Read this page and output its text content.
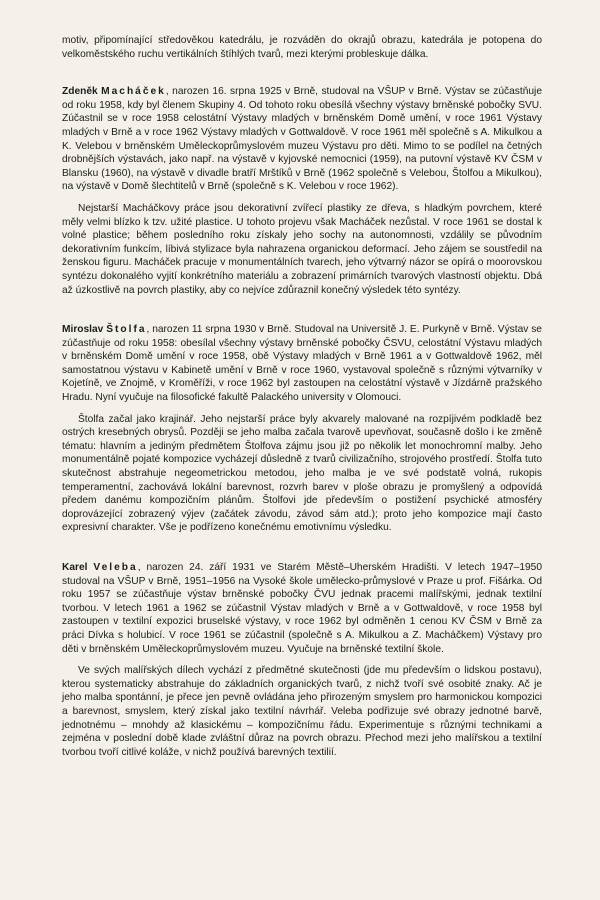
motiv, připomínající středověkou katedrálu, je rozváděn do okrajů obrazu, katedrála je potopena do velkoměstského ruchu vertikálních štíhlých tvarů, mezi kterými probleskuje dálka.

Zdeněk Macháček, narozen 16. srpna 1925 v Brně, studoval na VŠUP v Brně. Výstav se zúčastňuje od roku 1958, kdy byl členem Skupiny 4. Od tohoto roku obesílá všechny výstavy brněnské pobočky SVU. Zúčastnil se v roce 1958 celostátní Výstavy mladých v brněnském Domě umění, v roce 1961 Výstavy mladých v Brně a v roce 1962 Výstavy mladých v Gottwaldově. V roce 1961 měl společně s A. Mikulkou a K. Velebou v brněnském Uměleckoprůmyslovém muzeu Výstavu pro děti. Mimo to se podílel na četných drobnějších výstavách, jako např. na výstavě v kyjovské nemocnici (1959), na putovní výstavě KV ČSM v Blansku (1960), na výstavě v divadle bratří Mrštíků v Brně (1962 společně s Velebou, Štolfou a Mikulkou), na výstavě v Domě šlechtitelů v Brně (společně s K. Velebou v roce 1962).

Nejstarší Macháčkovy práce jsou dekorativní zvířecí plastiky ze dřeva, s hladkým povrchem, které měly velmi blízko k tzv. užité plastice. U tohoto projevu však Macháček nezůstal. V roce 1961 se dostal k volné plastice; během posledního roku získaly jeho sochy na autonomnosti, vzdálily se původním dekorativním funkcím, líbivá stylizace byla nahrazena organickou deformací. Jeho zájem se soustředil na ženskou figuru. Macháček pracuje v monumentálních tvarech, jeho výtvarný názor se opírá o moorovskou syntézu dokonalého vyjití konkrétního materiálu a zobrazení primárních tvarových vlastností objektu. Dbá až úzkostlivě na povrch plastiky, aby co nejvíce zdůraznil konečný výsledek této syntézy.

Miroslav Štolfa, narozen 11 srpna 1930 v Brně. Studoval na Universitě J. E. Purkyně v Brně. Výstav se zúčastňuje od roku 1958: obesílal všechny výstavy brněnské pobočky ČSVU, celostátní Výstavu mladých v brněnském Domě umění v roce 1958, obě Výstavy mladých v Brně 1961 a v Gottwaldově 1962, měl samostatnou výstavu v Kabinetě umění v Brně v roce 1960, vystavoval společně s různými výtvarníky v Kojetíně, ve Znojmě, v Kroměříži, v roce 1962 byl zastoupen na celostátní výstavě v Jízdárně pražského Hradu. Nyní vyučuje na filosofické fakultě Palackého university v Olomouci.

Štolfa začal jako krajinář. Jeho nejstarší práce byly akvarely malované na rozpíjivém podkladě bez ostrých kresebných obrysů. Později se jeho malba začala tvarově upevňovat, současně došlo i ke změně tématu: hlavním a jediným předmětem Štolfova zájmu jsou již po několik let monochromní malby. Jeho monumentálně pojaté kompozice vycházejí důsledně z tvarů civilizačního, strojového prostředí. Štolfa tuto skutečnost abstrahuje negeometrickou metodou, jeho malba je ve své podstatě volná, rukopis temperamentní, zachovává lokální barevnost, rozvrh barev v ploše obrazu je promyšlený a odpovídá předem danému kompozičním plánům. Štolfovi jde především o postižení psychické atmosféry doprovázející zobrazený výjev (začátek závodu, závod sám atd.); proto jeho kompozice mají často expresivní charakter. Vše je podřízeno konečnému emotivnímu výsledku.

Karel Veleba, narozen 24. září 1931 ve Starém Městě–Uherském Hradišti. V letech 1947–1950 studoval na VŠUP v Brně, 1951–1956 na Vysoké škole umělecko-průmyslové v Praze u prof. Fišárka. Od roku 1957 se zúčastňuje výstav brněnské pobočky ČVU jednak pracemi malířskými, jednak textilní tvorbou. V letech 1961 a 1962 se zúčastnil Výstav mladých v Brně a v Gottwaldově, v roce 1958 byl zastoupen v textilní expozici bruselské výstavy, v roce 1962 byl odměněn 1 cenou KV ČSM v Brně za práci Dívka s holubicí. V roce 1961 se zúčastnil (společně s A. Mikulkou a Z. Macháčkem) Výstavy pro děti v brněnském Uměleckoprůmyslovém muzeu. Vyučuje na brněnské textilní škole.

Ve svých malířských dílech vychází z předmětné skutečnosti (jde mu především o lidskou postavu), kterou systematicky abstrahuje do základních organických tvarů, z nichž tvoří své osobité znaky. Ač je jeho malba spontánní, je přece jen pevně ovládána jeho přirozeným smyslem pro harmonickou kompozici a barevnost, smyslem, který získal jako textilní návrhář. Veleba podřizuje své obrazy jednotné barvě, jednotnému – mnohdy až klasickému – kompozičnímu řádu. Experimentuje s různými technikami a zejména v poslední době klade zvláštní důraz na povrch obrazu. Přechod mezi jeho malířskou a textilní tvorbou tvoří citlivé koláže, v nichž používá barevných textilií.
